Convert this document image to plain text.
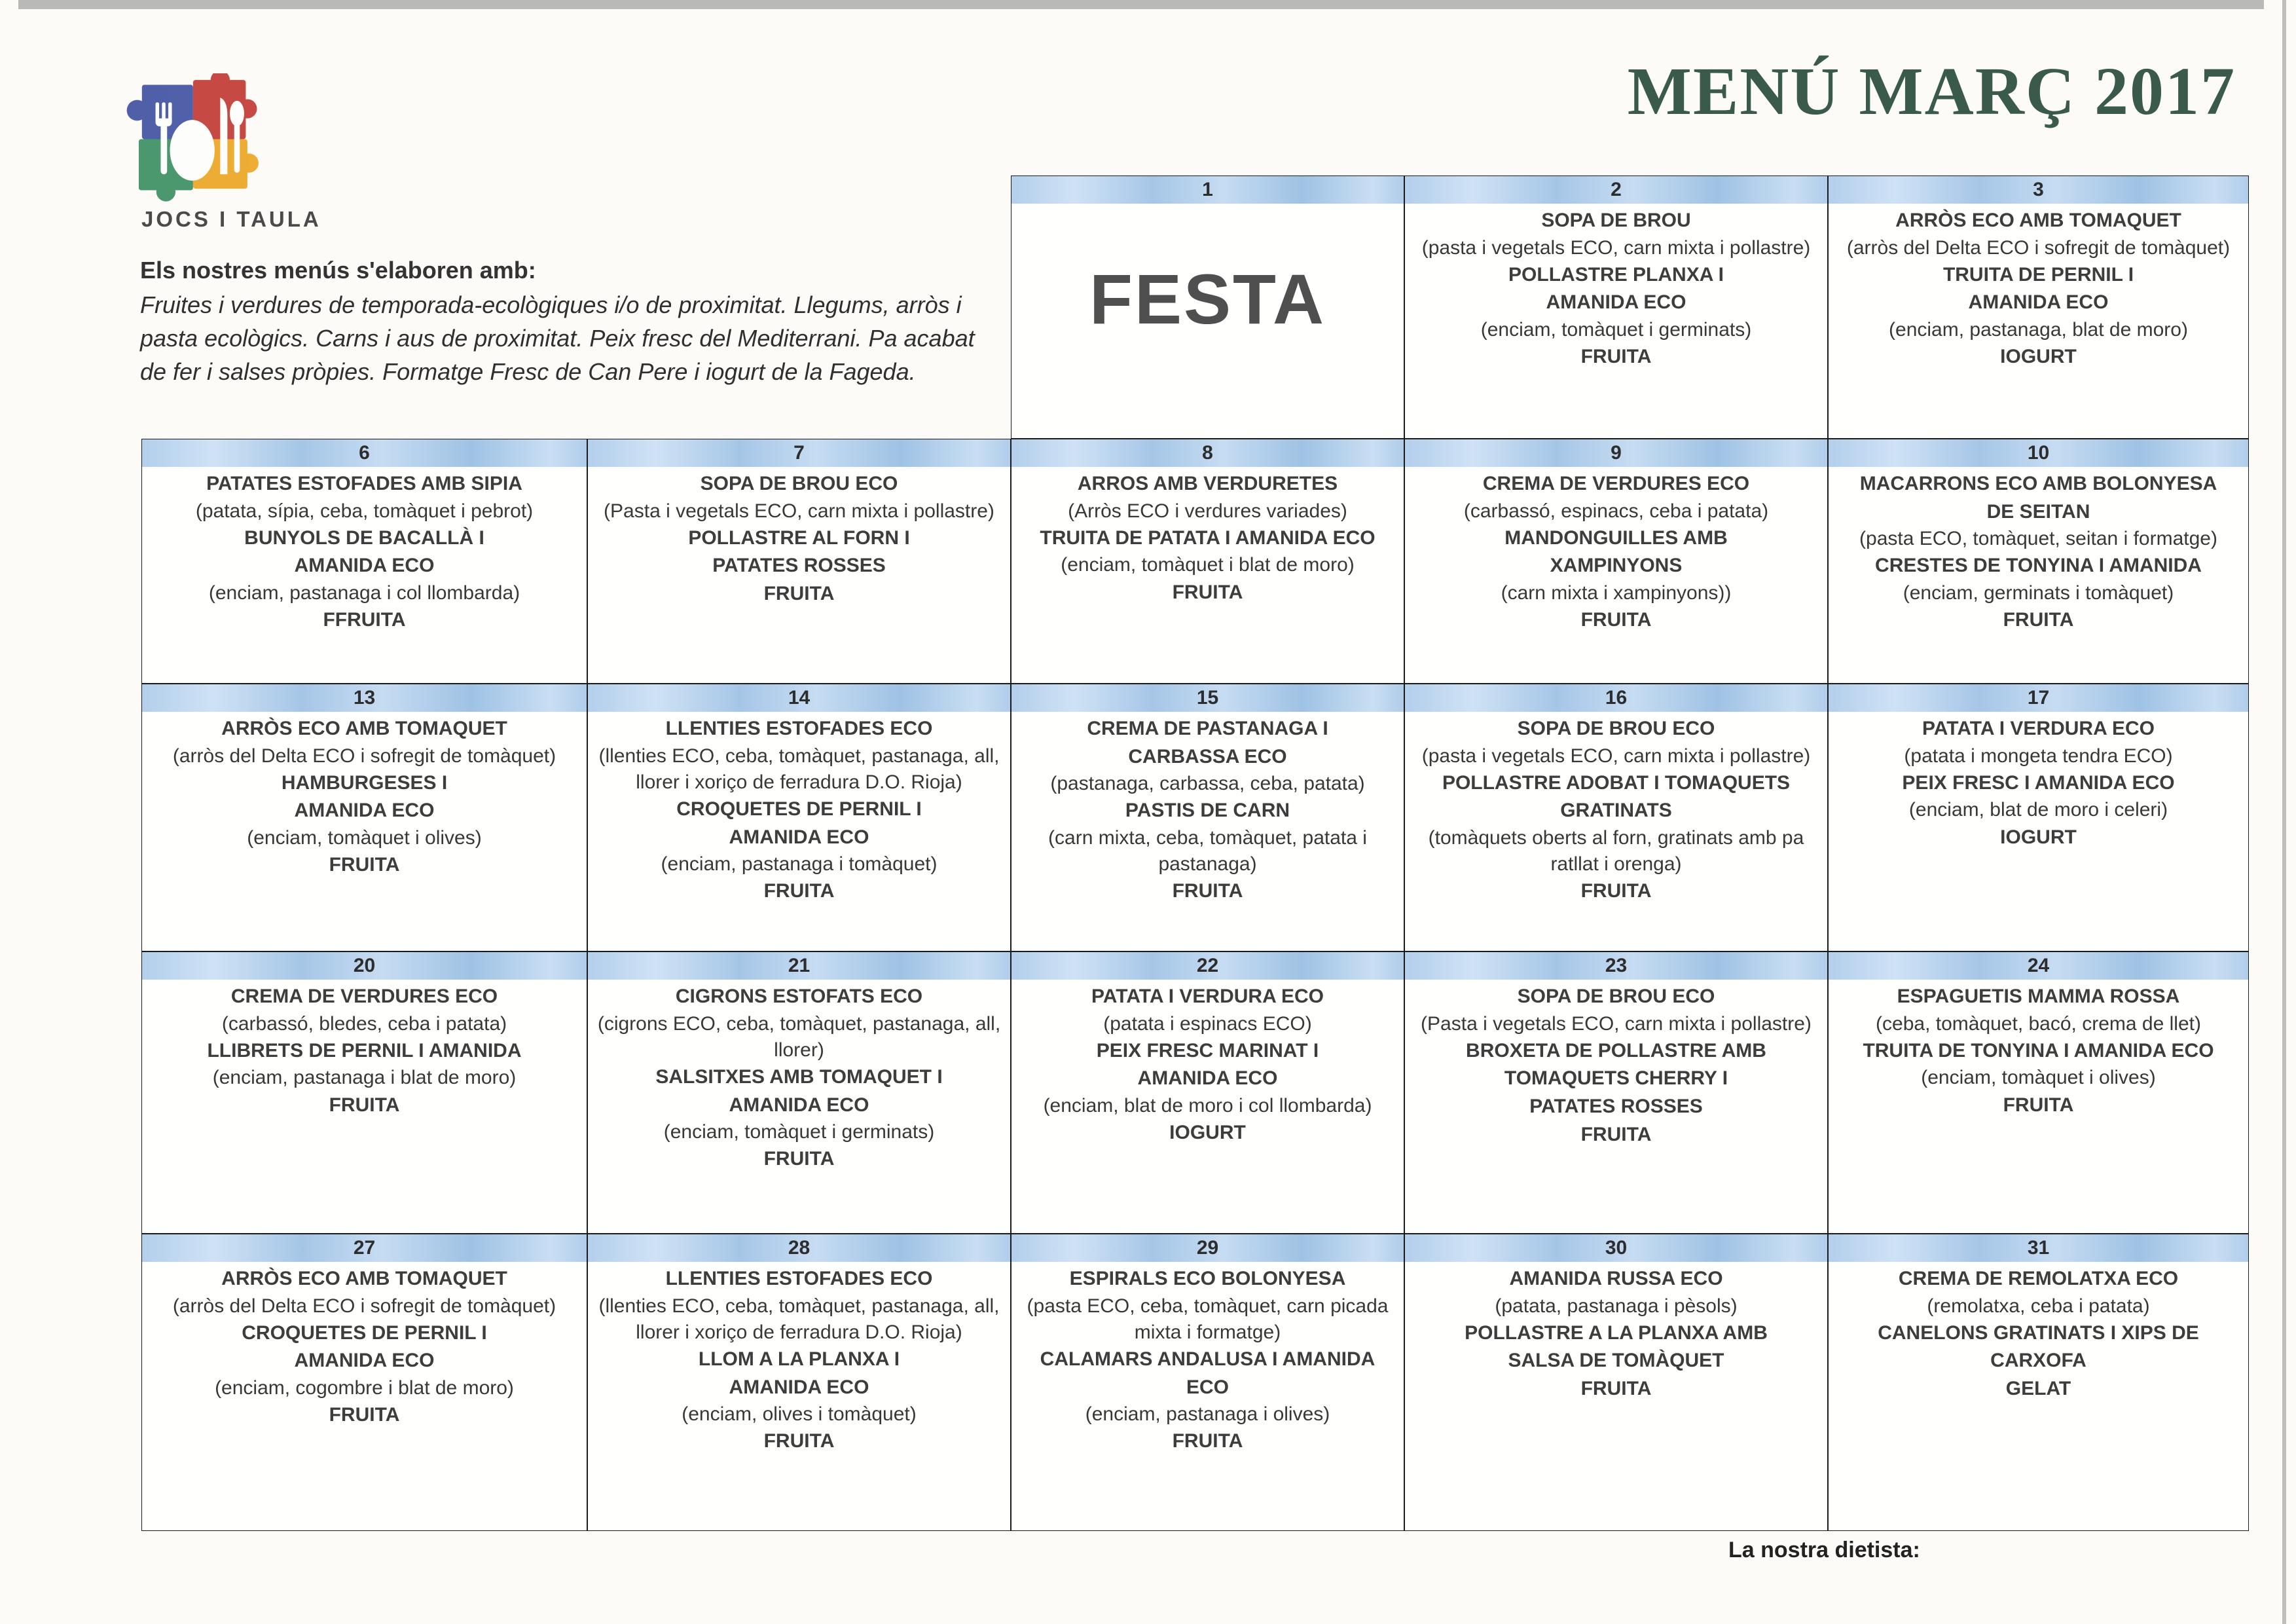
JOCS I TAULA
MENÚ MARÇ 2017

Els nostres menús s'elaboren amb:

Fruites i verdures de temporada-ecològiques i/o de proximitat. Llegums, arròs i pasta ecològics. Carns i aus de proximitat. Peix fresc del Mediterrani. Pa acabat de fer i salses pròpies. Formatge Fresc de Can Pere i iogurt de la Fageda.

1
FESTA
2
SOPA DE BROU
(pasta i vegetals ECO, carn mixta i pollastre)
POLLASTRE PLANXA I
AMANIDA ECO
(enciam, tomàquet i germinats)
FRUITA
3
ARRÒS ECO AMB TOMAQUET
(arròs del Delta ECO i sofregit de tomàquet)
TRUITA DE PERNIL I
AMANIDA ECO
(enciam, pastanaga, blat de moro)
IOGURT
6
PATATES ESTOFADES AMB SIPIA
(patata, sípia, ceba, tomàquet i pebrot)
BUNYOLS DE BACALLÀ I
AMANIDA ECO
(enciam, pastanaga i col llombarda)
FFRUITA
7
SOPA DE BROU ECO
(Pasta i vegetals ECO, carn mixta i pollastre)
POLLASTRE AL FORN I
PATATES ROSSES
FRUITA
8
ARROS AMB VERDURETES
(Arròs ECO i verdures variades)
TRUITA DE PATATA I AMANIDA ECO
(enciam, tomàquet i blat de moro)
FRUITA
9
CREMA DE VERDURES ECO
(carbassó, espinacs, ceba i patata)
MANDONGUILLES AMB
XAMPINYONS
(carn mixta i xampinyons))
FRUITA
10
MACARRONS ECO AMB BOLONYESA
DE SEITAN
(pasta ECO, tomàquet, seitan i formatge)
CRESTES DE TONYINA I AMANIDA
(enciam, germinats i tomàquet)
FRUITA
13
ARRÒS ECO AMB TOMAQUET
(arròs del Delta ECO i sofregit de tomàquet)
HAMBURGESES I
AMANIDA ECO
(enciam, tomàquet i olives)
FRUITA
14
LLENTIES ESTOFADES ECO
(llenties ECO, ceba, tomàquet, pastanaga, all, llorer i xoriço de ferradura D.O. Rioja)
CROQUETES DE PERNIL I
AMANIDA ECO
(enciam, pastanaga i tomàquet)
FRUITA
15
CREMA DE PASTANAGA I
CARBASSA ECO
(pastanaga, carbassa, ceba, patata)
PASTIS DE CARN
(carn mixta, ceba, tomàquet, patata i pastanaga)
FRUITA
16
SOPA DE BROU ECO
(pasta i vegetals ECO, carn mixta i pollastre)
POLLASTRE ADOBAT I TOMAQUETS
GRATINATS
(tomàquets oberts al forn, gratinats amb pa ratllat i orenga)
FRUITA
17
PATATA I VERDURA ECO
(patata i mongeta tendra ECO)
PEIX FRESC I AMANIDA ECO
(enciam, blat de moro i celeri)
IOGURT
20
CREMA DE VERDURES ECO
(carbassó, bledes, ceba i patata)
LLIBRETS DE PERNIL I AMANIDA
(enciam, pastanaga i blat de moro)
FRUITA
21
CIGRONS ESTOFATS ECO
(cigrons ECO, ceba, tomàquet, pastanaga, all, llorer)
SALSITXES AMB TOMAQUET I
AMANIDA ECO
(enciam, tomàquet i germinats)
FRUITA
22
PATATA I VERDURA ECO
(patata i espinacs ECO)
PEIX FRESC MARINAT I
AMANIDA ECO
(enciam, blat de moro i col llombarda)
IOGURT
23
SOPA DE BROU ECO
(Pasta i vegetals ECO, carn mixta i pollastre)
BROXETA DE POLLASTRE AMB
TOMAQUETS CHERRY I
PATATES ROSSES
FRUITA
24
ESPAGUETIS MAMMA ROSSA
(ceba, tomàquet, bacó, crema de llet)
TRUITA DE TONYINA I AMANIDA ECO
(enciam, tomàquet i olives)
FRUITA
27
ARRÒS ECO AMB TOMAQUET
(arròs del Delta ECO i sofregit de tomàquet)
CROQUETES DE PERNIL I
AMANIDA ECO
(enciam, cogombre i blat de moro)
FRUITA
28
LLENTIES ESTOFADES ECO
(llenties ECO, ceba, tomàquet, pastanaga, all, llorer i xoriço de ferradura D.O. Rioja)
LLOM A LA PLANXA I
AMANIDA ECO
(enciam, olives i tomàquet)
FRUITA
29
ESPIRALS ECO BOLONYESA
(pasta ECO, ceba, tomàquet, carn picada mixta i formatge)
CALAMARS ANDALUSA I AMANIDA
ECO
(enciam, pastanaga i olives)
FRUITA
30
AMANIDA RUSSA ECO
(patata, pastanaga i pèsols)
POLLASTRE A LA PLANXA AMB
SALSA DE TOMÀQUET
FRUITA
31
CREMA DE REMOLATXA ECO
(remolatxa, ceba i patata)
CANELONS GRATINATS I XIPS DE
CARXOFA
GELAT
La nostra dietista:
